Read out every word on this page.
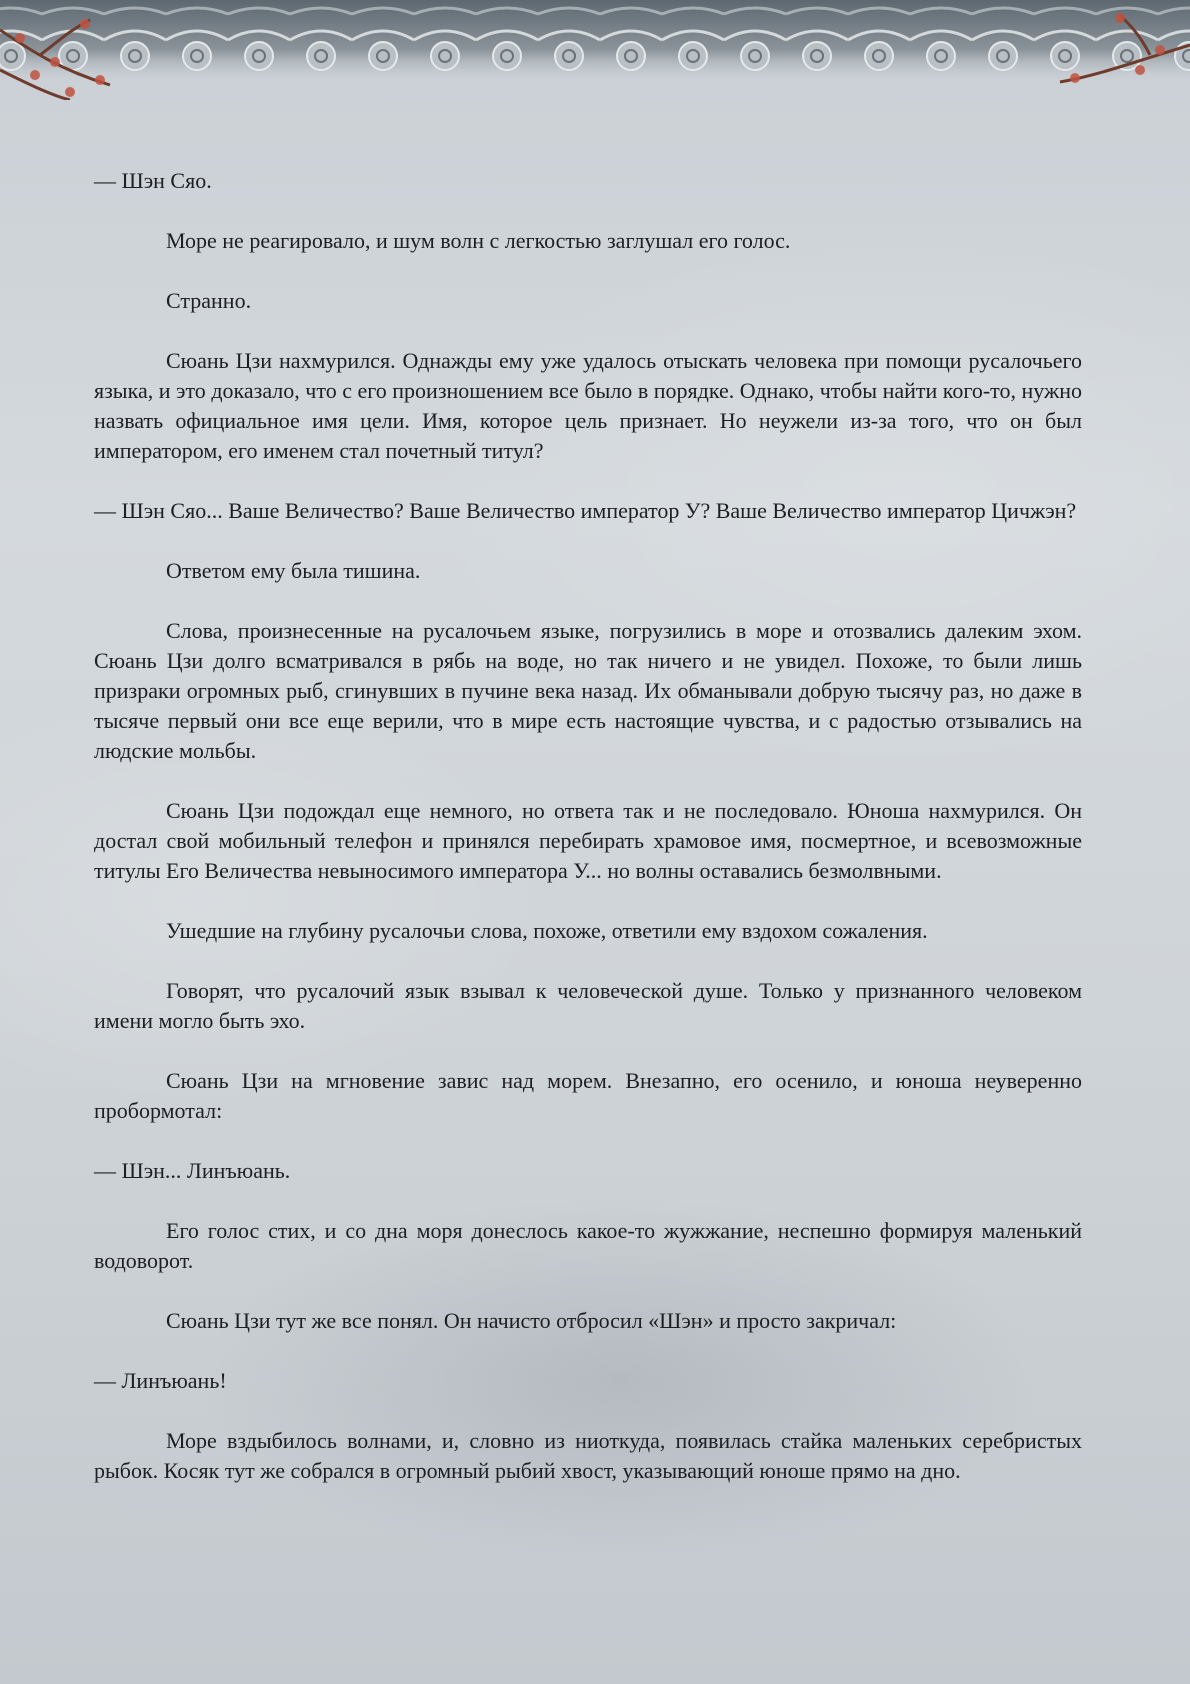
— Шэн Сяо.

Море не реагировало, и шум волн с легкостью заглушал его голос.

Странно.

Сюань Цзи нахмурился. Однажды ему уже удалось отыскать человека при помощи русалочьего языка, и это доказало, что с его произношением все было в порядке. Однако, чтобы найти кого-то, нужно назвать официальное имя цели. Имя, которое цель признает. Но неужели из-за того, что он был императором, его именем стал почетный титул?

— Шэн Сяо... Ваше Величество? Ваше Величество император У? Ваше Величество император Цичжэн?

Ответом ему была тишина.

Слова, произнесенные на русалочьем языке, погрузились в море и отозвались далеким эхом. Сюань Цзи долго всматривался в рябь на воде, но так ничего и не увидел. Похоже, то были лишь призраки огромных рыб, сгинувших в пучине века назад. Их обманывали добрую тысячу раз, но даже в тысяче первый они все еще верили, что в мире есть настоящие чувства, и с радостью отзывались на людские мольбы.

Сюань Цзи подождал еще немного, но ответа так и не последовало. Юноша нахмурился. Он достал свой мобильный телефон и принялся перебирать храмовое имя, посмертное, и всевозможные титулы Его Величества невыносимого императора У... но волны оставались безмолвными.

Ушедшие на глубину русалочьи слова, похоже, ответили ему вздохом сожаления.

Говорят, что русалочий язык взывал к человеческой душе. Только у признанного человеком имени могло быть эхо.

Сюань Цзи на мгновение завис над морем. Внезапно, его осенило, и юноша неуверенно пробормотал:

— Шэн... Линъюань.

Его голос стих, и со дна моря донеслось какое-то жужжание, неспешно формируя маленький водоворот.

Сюань Цзи тут же все понял. Он начисто отбросил «Шэн» и просто закричал:

— Линъюань!

Море вздыбилось волнами, и, словно из ниоткуда, появилась стайка маленьких серебристых рыбок. Косяк тут же собрался в огромный рыбий хвост, указывающий юноше прямо на дно.
